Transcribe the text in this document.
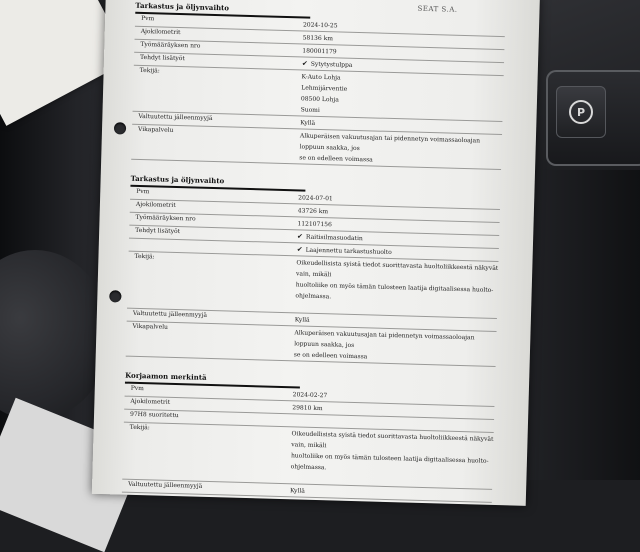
P
SEAT S.A.
Tarkastus ja öljynvaihto
Pvm
2024-10-25
Ajokilometrit
58136 km
Työmääräyksen nro
180001179
Tehdyt lisätyöt
✔ Sytytystulppa
Tekijä:
K-Auto Lohja
Lehmijärventie
08500 Lohja
Suomi
Valtuutettu jälleenmyyjä
Kyllä
Vikapalvelu
Alkuperäisen vakuutusajan tai pidennetyn voimassaoloajan loppuun saakka, jos
se on edelleen voimassa
Tarkastus ja öljynvaihto
Pvm
2024-07-01
Ajokilometrit
43726 km
Työmääräyksen nro
112107156
Tehdyt lisätyöt
✔ Raitisilmasuodatin
✔ Laajennettu tarkastushuolto
Tekijä:
Oikeudellisista syistä tiedot suorittavasta huoltoliikkeestä näkyvät vain, mikäli
huoltoliike on myös tämän tulosteen laatija digitaalisessa huolto-ohjelmassa.

Valtuutettu jälleenmyyjä
Kyllä
Vikapalvelu
Alkuperäisen vakuutusajan tai pidennetyn voimassaoloajan loppuun saakka, jos
se on edelleen voimassa
Korjaamon merkintä
Pvm
2024-02-27
Ajokilometrit
29810 km
97H8 suoritettu
Tekijä:
Oikeudellisista syistä tiedot suorittavasta huoltoliikkeestä näkyvät vain, mikäli
huoltoliike on myös tämän tulosteen laatija digitaalisessa huolto-ohjelmassa.

Valtuutettu jälleenmyyjä
Kyllä
